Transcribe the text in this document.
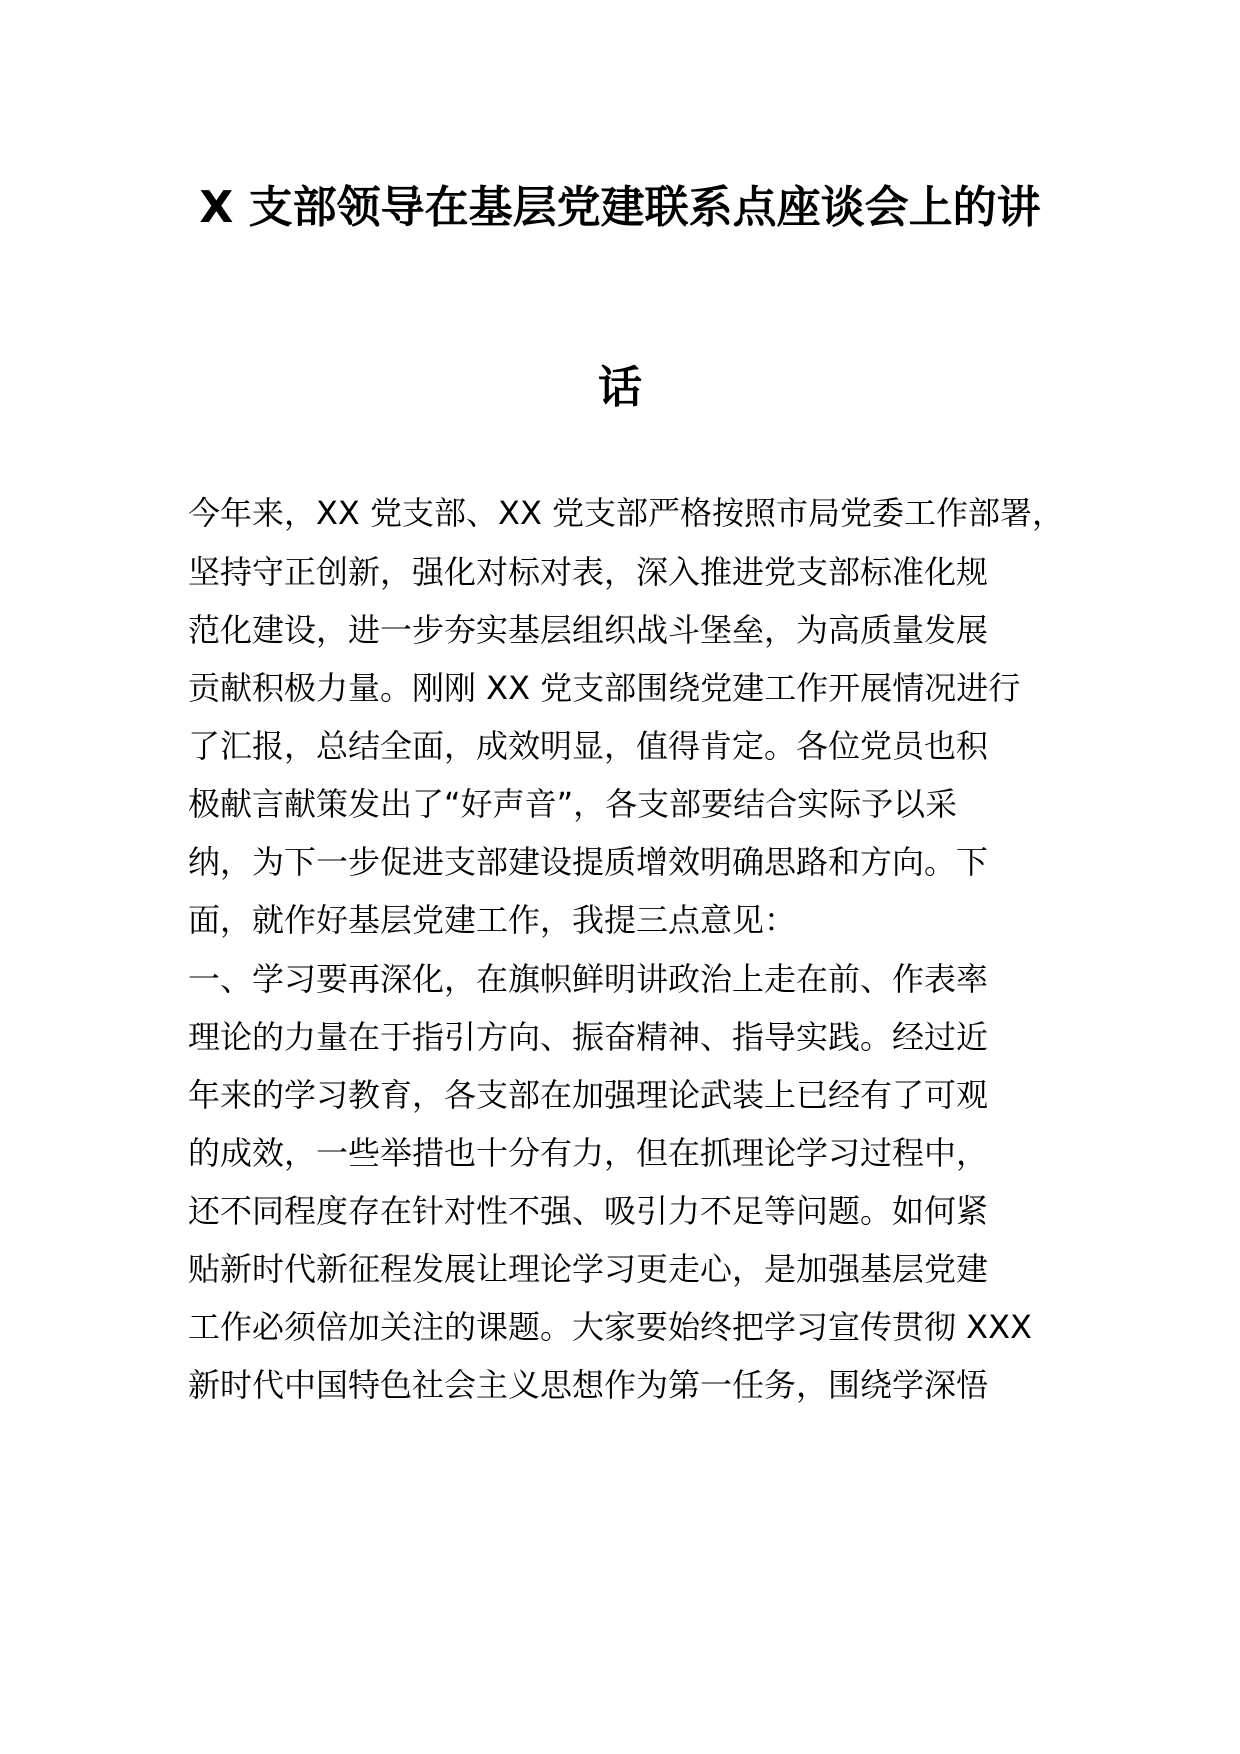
X 支部领导在基层党建联系点座谈会上的讲
话
今年来，XX 党支部、XX 党支部严格按照市局党委工作部署，
坚持守正创新，强化对标对表，深入推进党支部标准化规
范化建设，进一步夯实基层组织战斗堡垒，为高质量发展
贡献积极力量。刚刚 XX 党支部围绕党建工作开展情况进行
了汇报，总结全面，成效明显，值得肯定。各位党员也积
极献言献策发出了“好声音”，各支部要结合实际予以采
纳，为下一步促进支部建设提质增效明确思路和方向。下
面，就作好基层党建工作，我提三点意见：
一、学习要再深化，在旗帜鲜明讲政治上走在前、作表率
理论的力量在于指引方向、振奋精神、指导实践。经过近
年来的学习教育，各支部在加强理论武装上已经有了可观
的成效，一些举措也十分有力，但在抓理论学习过程中，
还不同程度存在针对性不强、吸引力不足等问题。如何紧
贴新时代新征程发展让理论学习更走心，是加强基层党建
工作必须倍加关注的课题。大家要始终把学习宣传贯彻 XXX
新时代中国特色社会主义思想作为第一任务，围绕学深悟
